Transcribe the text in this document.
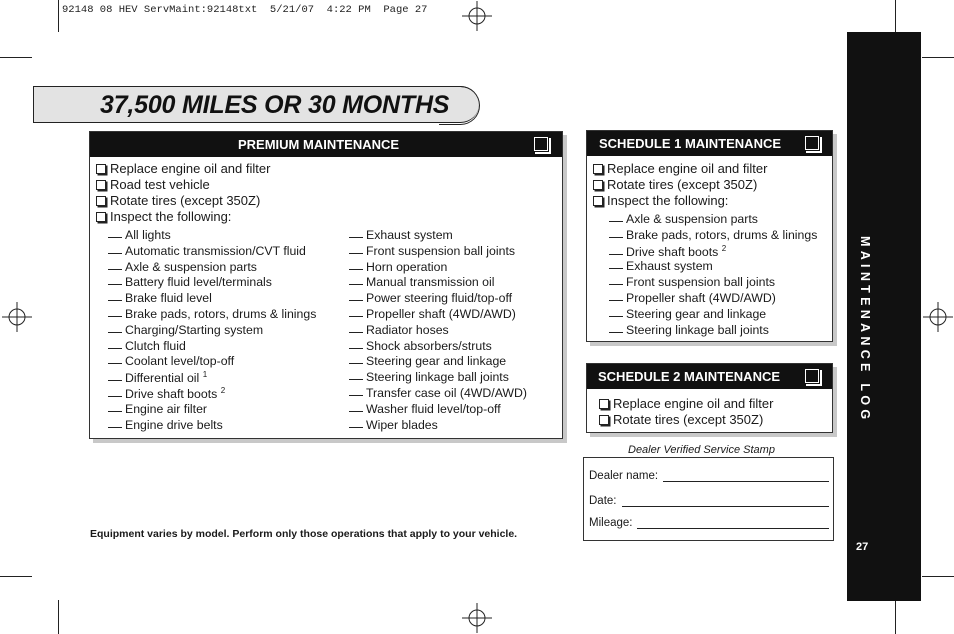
92148 08 HEV ServMaint:92148txt  5/21/07  4:22 PM  Page 27
37,500 MILES OR 30 MONTHS
PREMIUM MAINTENANCE
Replace engine oil and filter
Road test vehicle
Rotate tires (except 350Z)
Inspect the following:
All lights
Automatic transmission/CVT fluid
Axle & suspension parts
Battery fluid level/terminals
Brake fluid level
Brake pads, rotors, drums & linings
Charging/Starting system
Clutch fluid
Coolant level/top-off
Differential oil $^1$
Drive shaft boots $^2$
Engine air filter
Engine drive belts
Exhaust system
Front suspension ball joints
Horn operation
Manual transmission oil
Power steering fluid/top-off
Propeller shaft (4WD/AWD)
Radiator hoses
Shock absorbers/struts
Steering gear and linkage
Steering linkage ball joints
Transfer case oil (4WD/AWD)
Washer fluid level/top-off
Wiper blades
SCHEDULE 1 MAINTENANCE
Replace engine oil and filter
Rotate tires (except 350Z)
Inspect the following:
Axle & suspension parts
Brake pads, rotors, drums & linings
Drive shaft boots $^2$
Exhaust system
Front suspension ball joints
Propeller shaft (4WD/AWD)
Steering gear and linkage
Steering linkage ball joints
SCHEDULE 2 MAINTENANCE
Replace engine oil and filter
Rotate tires (except 350Z)
Dealer Verified Service Stamp
Dealer name:
Date:
Mileage:
Equipment varies by model. Perform only those operations that apply to your vehicle.
MAINTENANCE LOG
27
